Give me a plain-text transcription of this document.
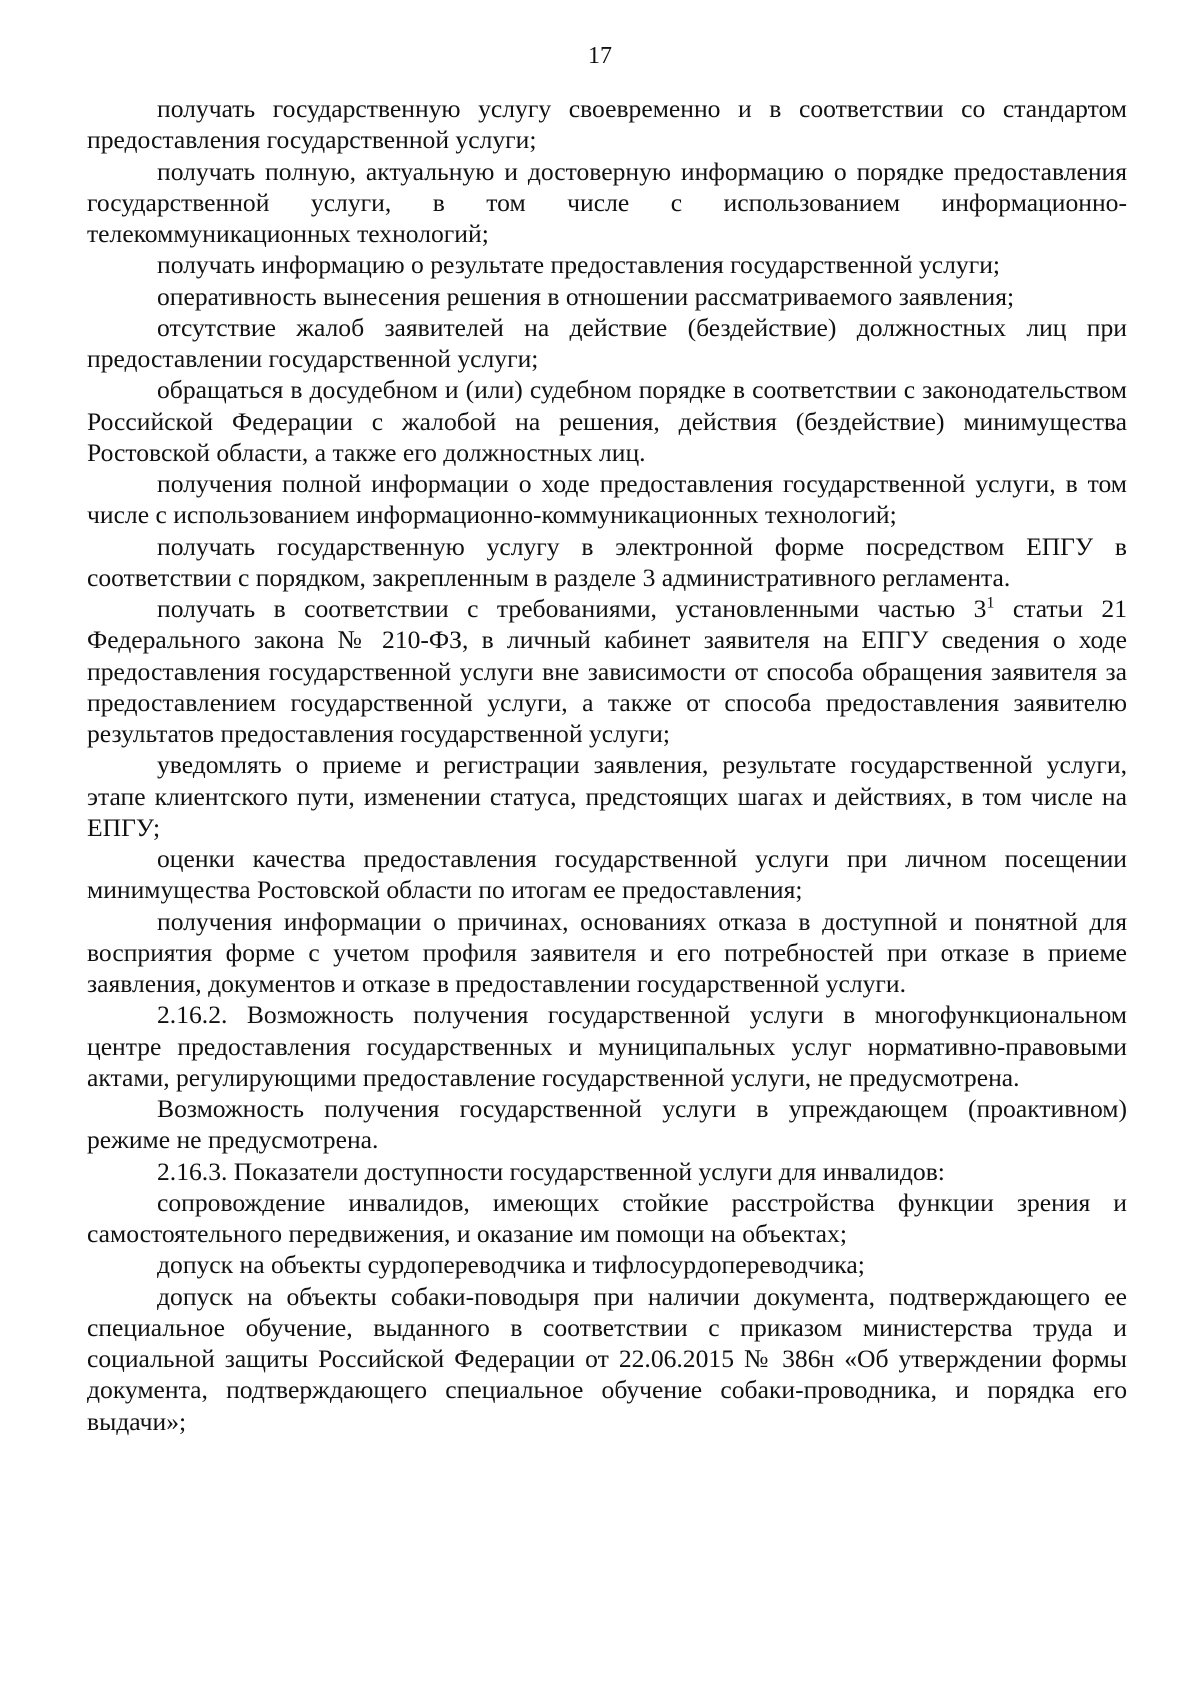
17

получать государственную услугу своевременно и в соответствии со стандартом предоставления государственной услуги;

получать полную, актуальную и достоверную информацию о порядке предоставления государственной услуги, в том числе с использованием информационно-телекоммуникационных технологий;

получать информацию о результате предоставления государственной услуги;

оперативность вынесения решения в отношении рассматриваемого заявления;

отсутствие жалоб заявителей на действие (бездействие) должностных лиц при предоставлении государственной услуги;

обращаться в досудебном и (или) судебном порядке в соответствии с законодательством Российской Федерации с жалобой на решения, действия (бездействие) минимущества Ростовской области, а также его должностных лиц.

получения полной информации о ходе предоставления государственной услуги, в том числе с использованием информационно-коммуникационных технологий;

получать государственную услугу в электронной форме посредством ЕПГУ в соответствии с порядком, закрепленным в разделе 3 административного регламента.

получать в соответствии с требованиями, установленными частью $3^1$ статьи 21 Федерального закона № 210-ФЗ, в личный кабинет заявителя на ЕПГУ сведения о ходе предоставления государственной услуги вне зависимости от способа обращения заявителя за предоставлением государственной услуги, а также от способа предоставления заявителю результатов предоставления государственной услуги;

уведомлять о приеме и регистрации заявления, результате государственной услуги, этапе клиентского пути, изменении статуса, предстоящих шагах и действиях, в том числе на ЕПГУ;

оценки качества предоставления государственной услуги при личном посещении минимущества Ростовской области по итогам ее предоставления;

получения информации о причинах, основаниях отказа в доступной и понятной для восприятия форме с учетом профиля заявителя и его потребностей при отказе в приеме заявления, документов и отказе в предоставлении государственной услуги.

2.16.2. Возможность получения государственной услуги в многофункциональном центре предоставления государственных и муниципальных услуг нормативно-правовыми актами, регулирующими предоставление государственной услуги, не предусмотрена.

Возможность получения государственной услуги в упреждающем (проактивном) режиме не предусмотрена.

2.16.3. Показатели доступности государственной услуги для инвалидов:

сопровождение инвалидов, имеющих стойкие расстройства функции зрения и самостоятельного передвижения, и оказание им помощи на объектах;

допуск на объекты сурдопереводчика и тифлосурдопереводчика;

допуск на объекты собаки-поводыря при наличии документа, подтверждающего ее специальное обучение, выданного в соответствии с приказом министерства труда и социальной защиты Российской Федерации от 22.06.2015 № 386н «Об утверждении формы документа, подтверждающего специальное обучение собаки-проводника, и порядка его выдачи»;
